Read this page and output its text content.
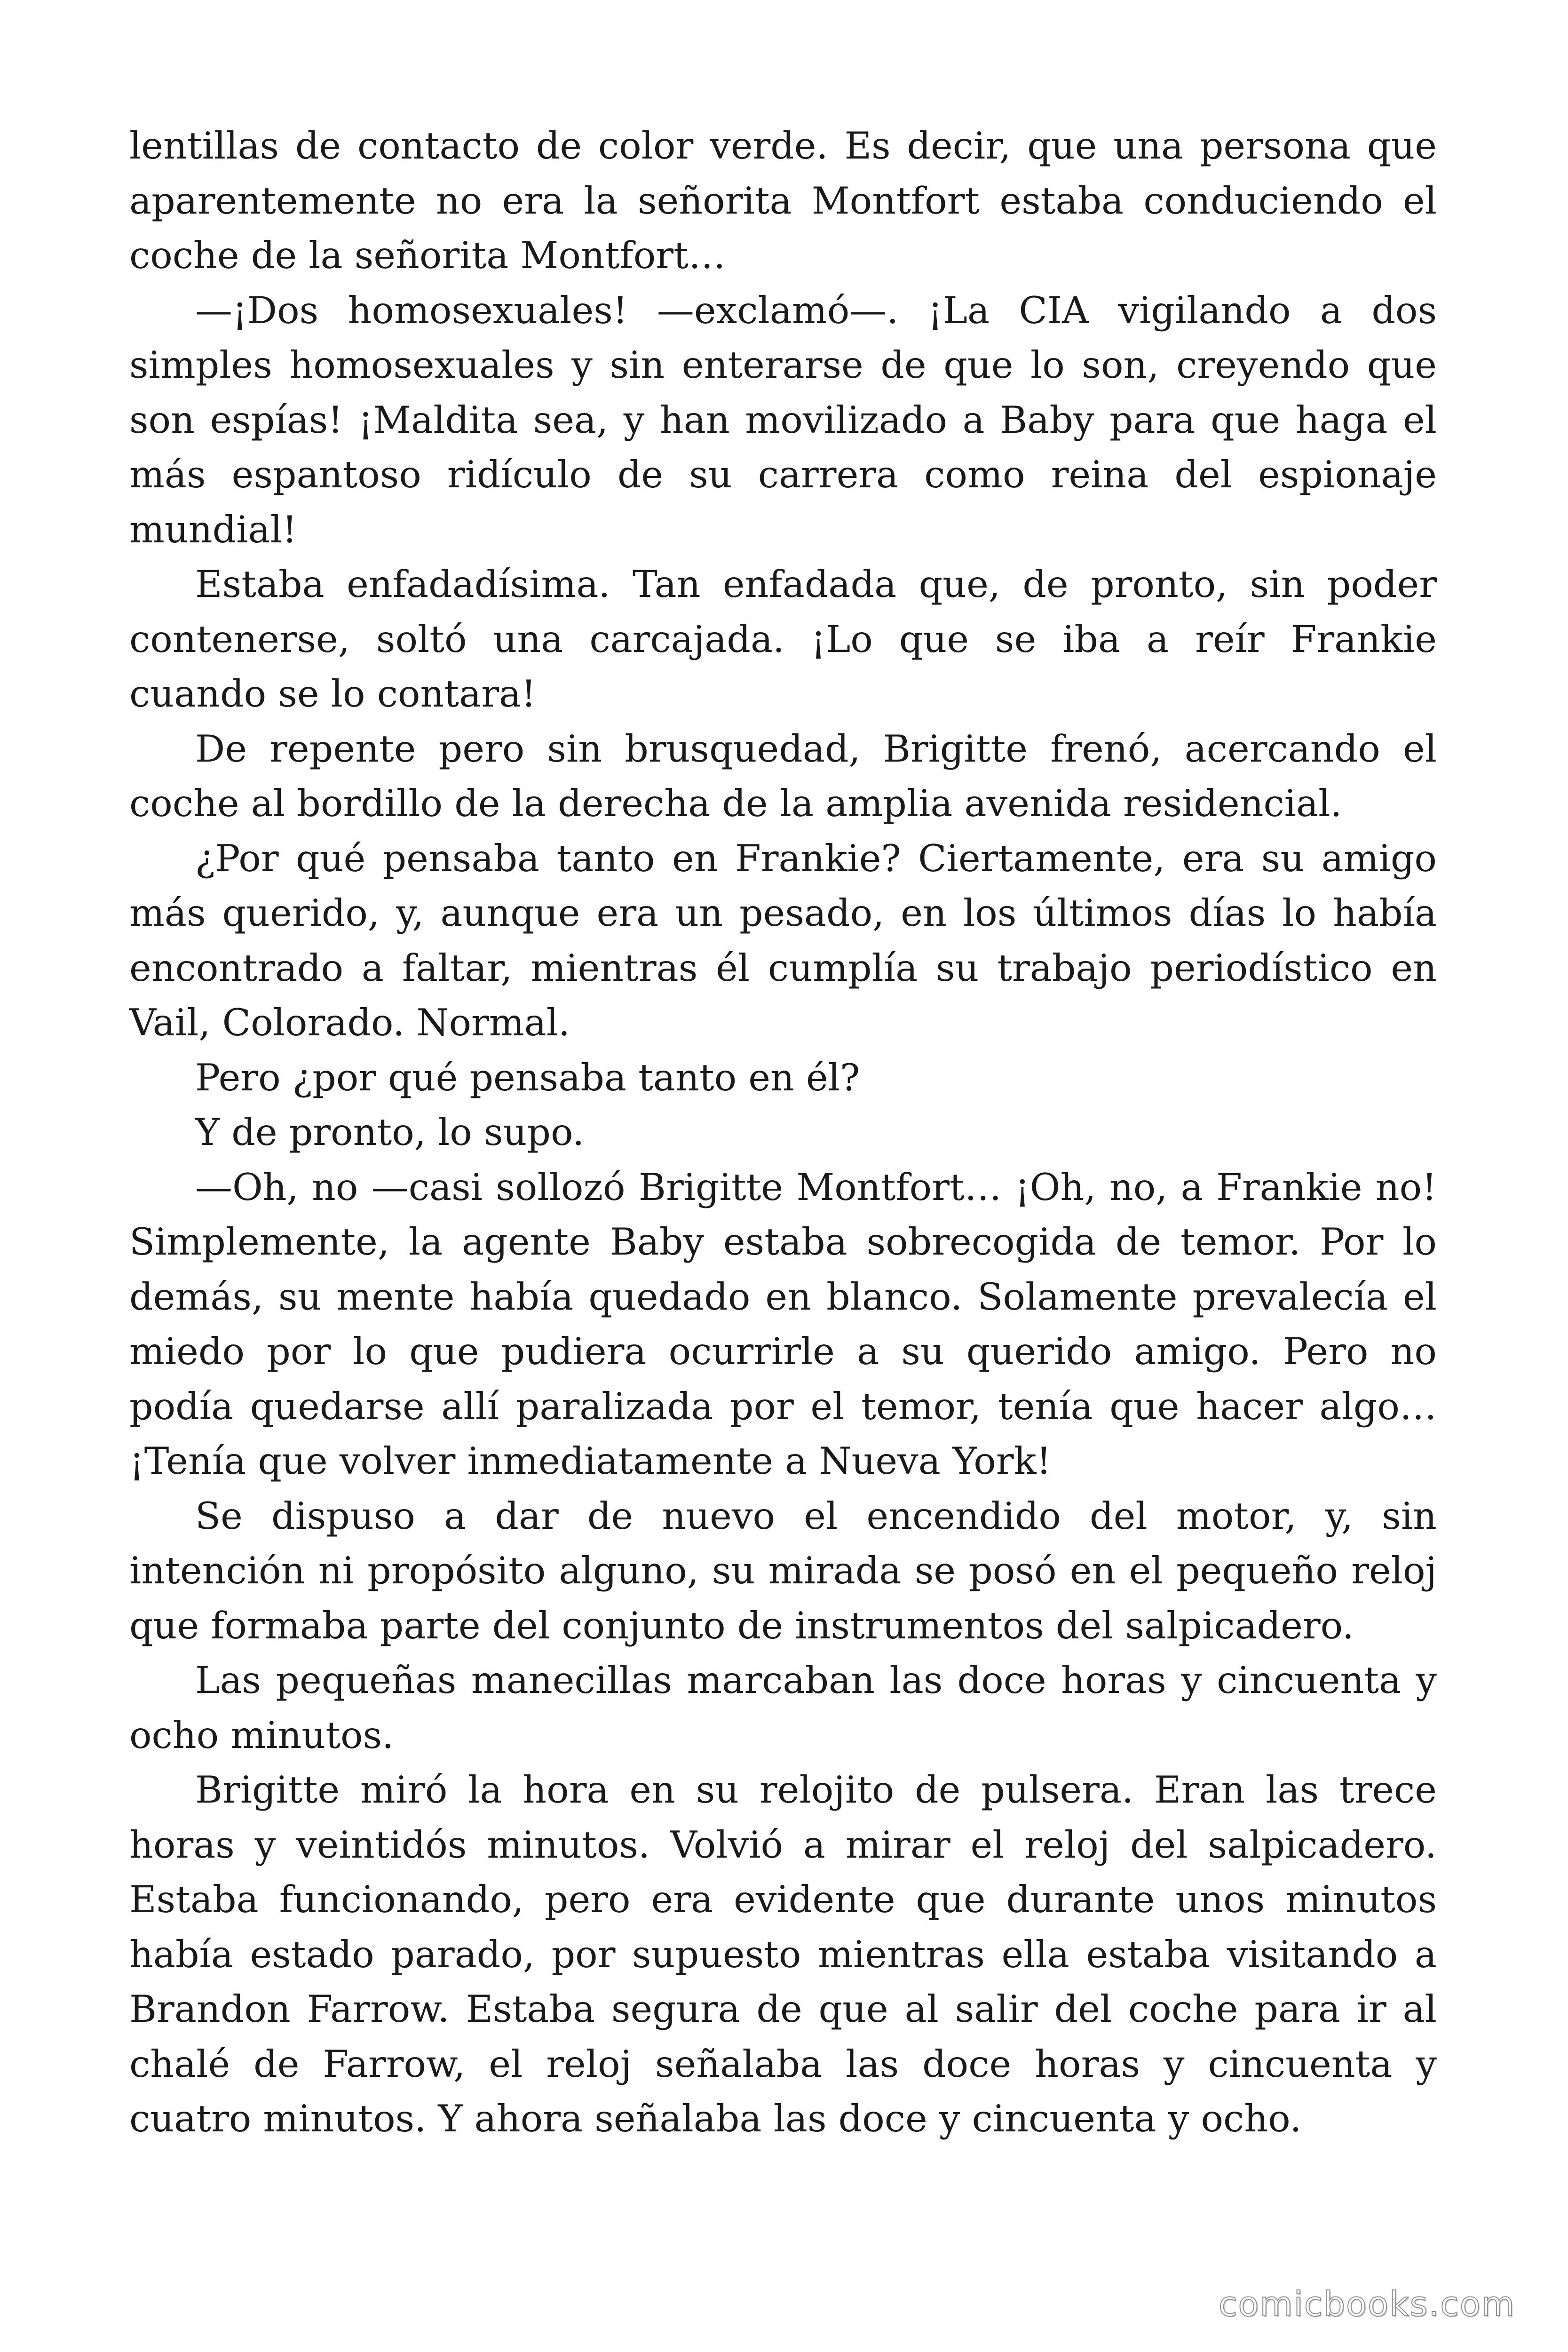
lentillas de contacto de color verde. Es decir, que una persona que aparentemente no era la señorita Montfort estaba conduciendo el coche de la señorita Montfort…

—¡Dos homosexuales! —exclamó—. ¡La CIA vigilando a dos simples homosexuales y sin enterarse de que lo son, creyendo que son espías! ¡Maldita sea, y han movilizado a Baby para que haga el más espantoso ridículo de su carrera como reina del espionaje mundial!

Estaba enfadadísima. Tan enfadada que, de pronto, sin poder contenerse, soltó una carcajada. ¡Lo que se iba a reír Frankie cuando se lo contara!

De repente pero sin brusquedad, Brigitte frenó, acercando el coche al bordillo de la derecha de la amplia avenida residencial.

¿Por qué pensaba tanto en Frankie? Ciertamente, era su amigo más querido, y, aunque era un pesado, en los últimos días lo había encontrado a faltar, mientras él cumplía su trabajo periodístico en Vail, Colorado. Normal.

Pero ¿por qué pensaba tanto en él?

Y de pronto, lo supo.

—Oh, no —casi sollozó Brigitte Montfort… ¡Oh, no, a Frankie no! Simplemente, la agente Baby estaba sobrecogida de temor. Por lo demás, su mente había quedado en blanco. Solamente prevalecía el miedo por lo que pudiera ocurrirle a su querido amigo. Pero no podía quedarse allí paralizada por el temor, tenía que hacer algo… ¡Tenía que volver inmediatamente a Nueva York!

Se dispuso a dar de nuevo el encendido del motor, y, sin intención ni propósito alguno, su mirada se posó en el pequeño reloj que formaba parte del conjunto de instrumentos del salpicadero.

Las pequeñas manecillas marcaban las doce horas y cincuenta y ocho minutos.

Brigitte miró la hora en su relojito de pulsera. Eran las trece horas y veintidós minutos. Volvió a mirar el reloj del salpicadero. Estaba funcionando, pero era evidente que durante unos minutos había estado parado, por supuesto mientras ella estaba visitando a Brandon Farrow. Estaba segura de que al salir del coche para ir al chalé de Farrow, el reloj señalaba las doce horas y cincuenta y cuatro minutos. Y ahora señalaba las doce y cincuenta y ocho.

comicbooks.com
